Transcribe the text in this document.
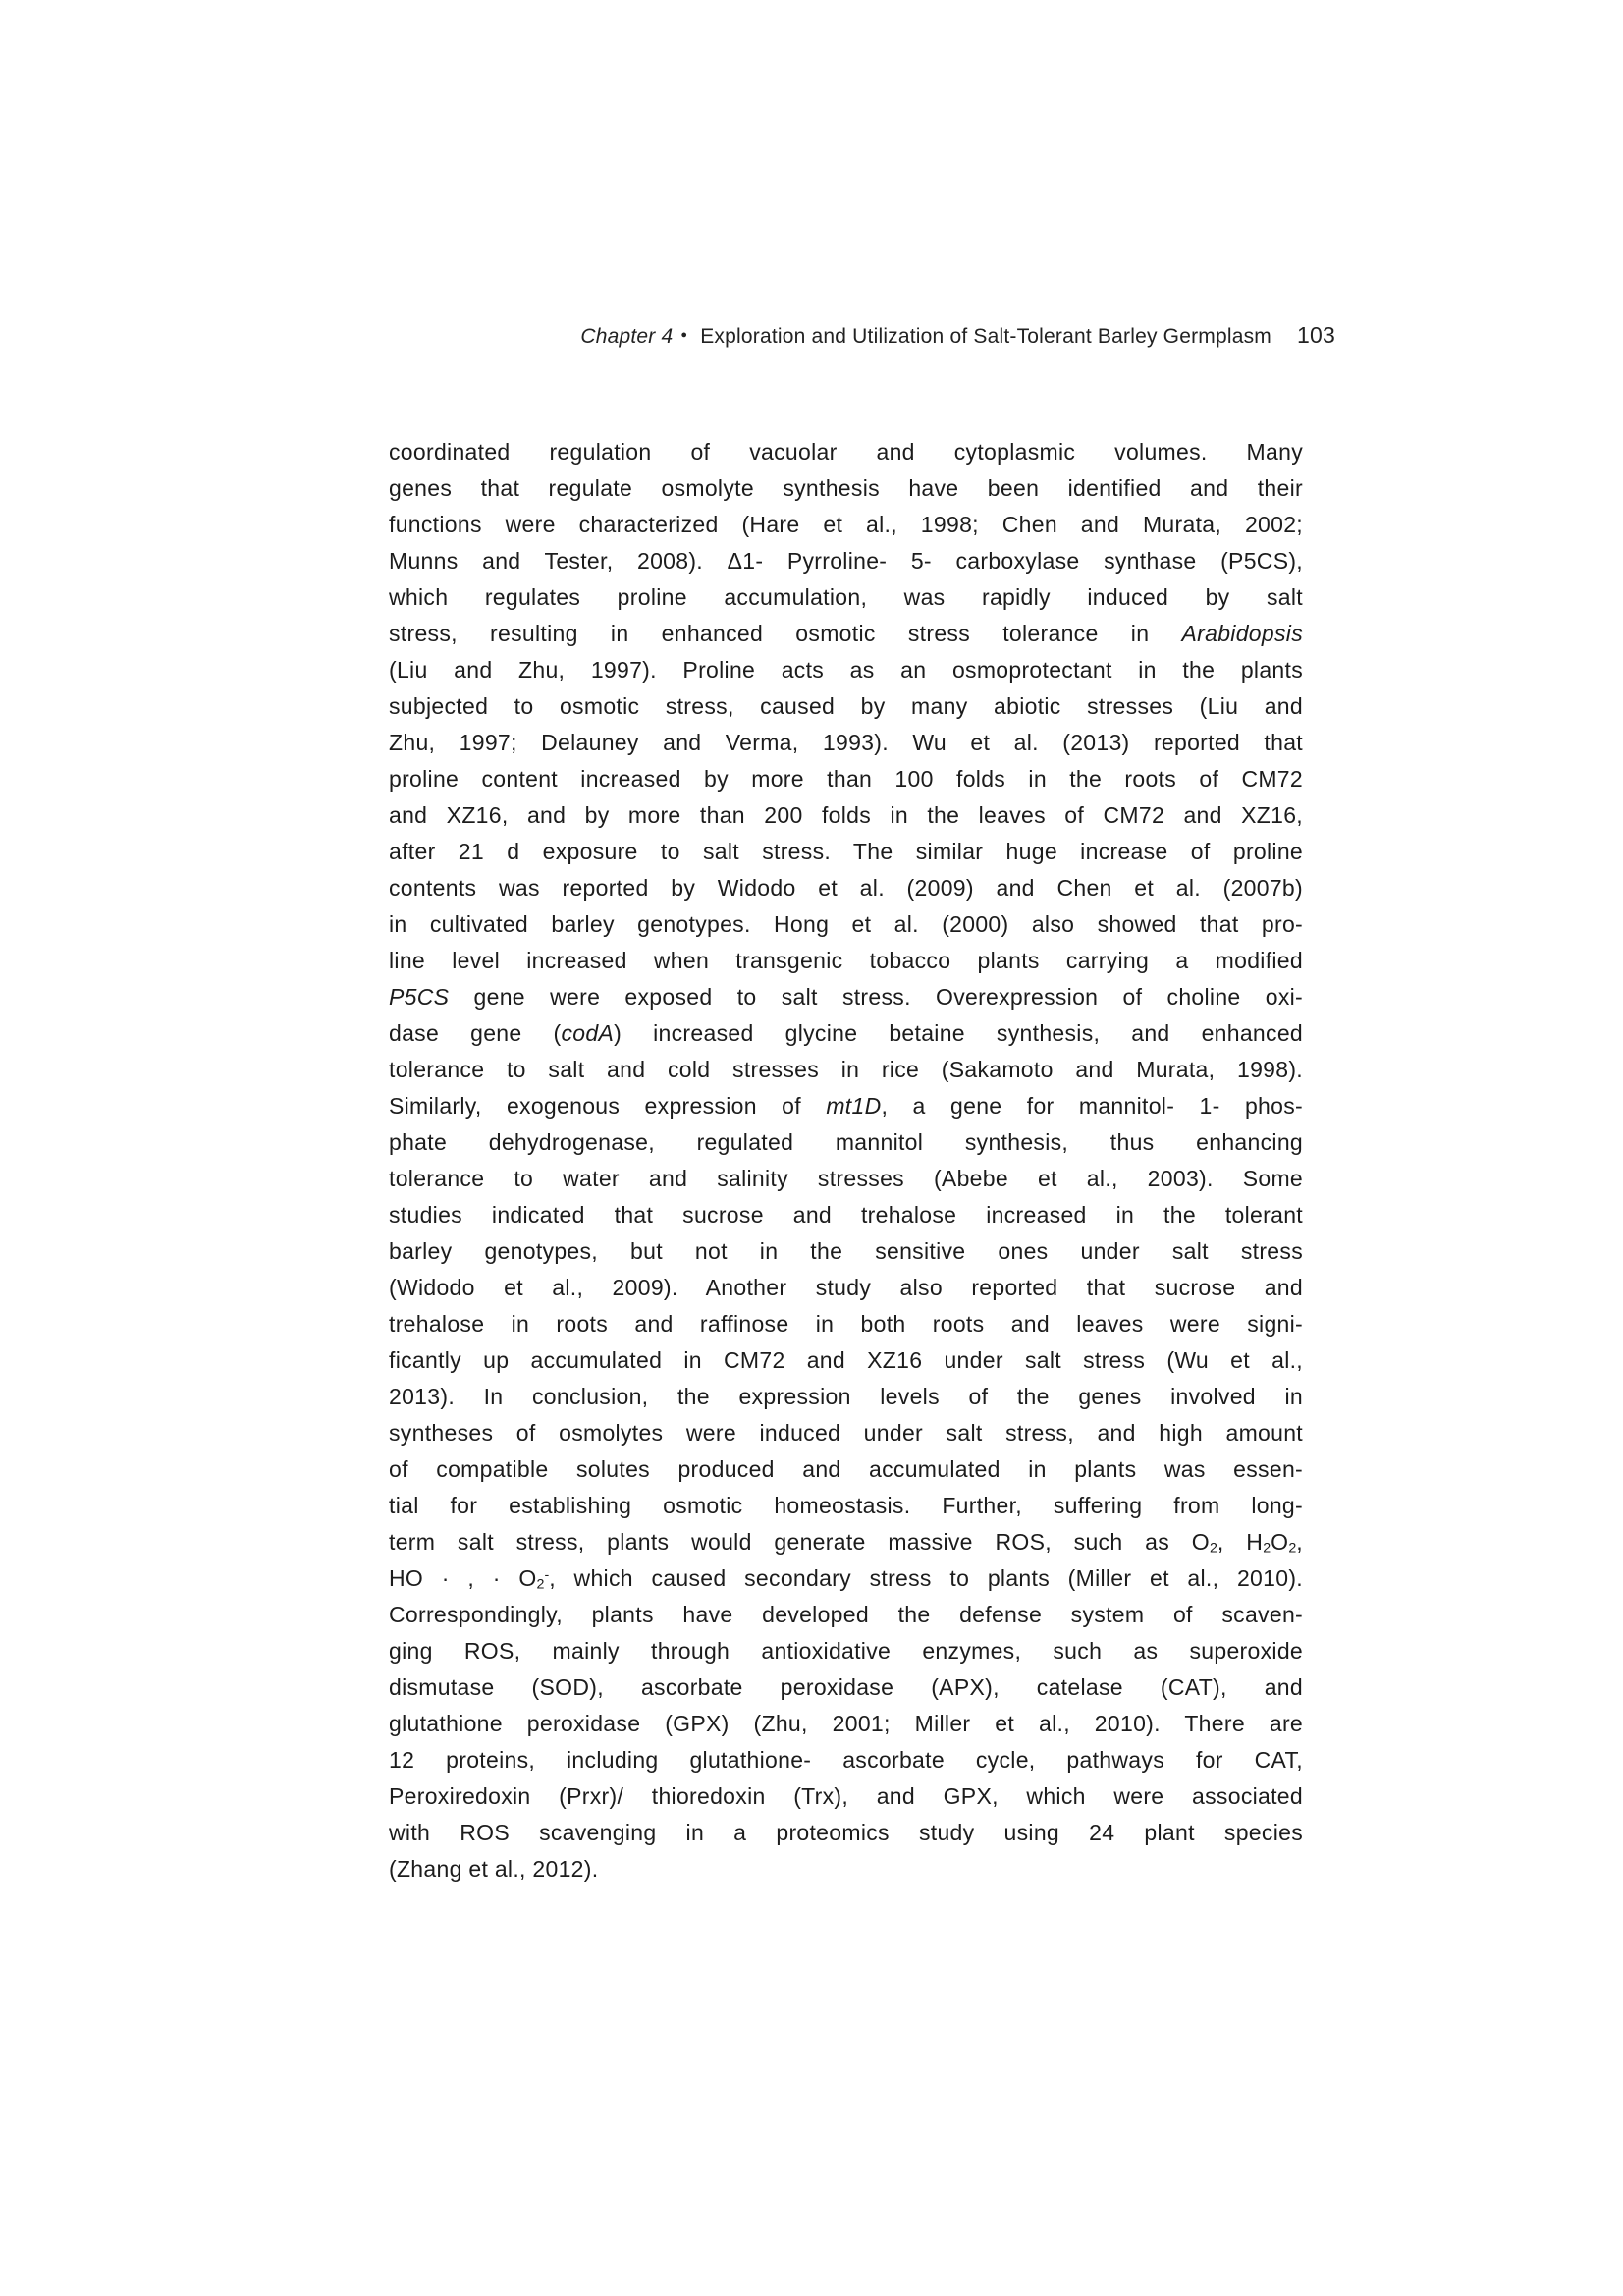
Chapter 4 ● Exploration and Utilization of Salt-Tolerant Barley Germplasm 103
coordinated regulation of vacuolar and cytoplasmic volumes. Many
genes that regulate osmolyte synthesis have been identified and their
functions were characterized (Hare et al., 1998; Chen and Murata, 2002;
Munns and Tester, 2008). Δ1- Pyrroline- 5- carboxylase synthase (P5CS),
which regulates proline accumulation, was rapidly induced by salt
stress, resulting in enhanced osmotic stress tolerance in Arabidopsis
(Liu and Zhu, 1997). Proline acts as an osmoprotectant in the plants
subjected to osmotic stress, caused by many abiotic stresses (Liu and
Zhu, 1997; Delauney and Verma, 1993). Wu et al. (2013) reported that
proline content increased by more than 100 folds in the roots of CM72
and XZ16, and by more than 200 folds in the leaves of CM72 and XZ16,
after 21 d exposure to salt stress. The similar huge increase of proline
contents was reported by Widodo et al. (2009) and Chen et al. (2007b)
in cultivated barley genotypes. Hong et al. (2000) also showed that pro-
line level increased when transgenic tobacco plants carrying a modified
P5CS gene were exposed to salt stress. Overexpression of choline oxi-
dase gene (codA) increased glycine betaine synthesis, and enhanced
tolerance to salt and cold stresses in rice (Sakamoto and Murata, 1998).
Similarly, exogenous expression of mt1D, a gene for mannitol- 1- phos-
phate dehydrogenase, regulated mannitol synthesis, thus enhancing
tolerance to water and salinity stresses (Abebe et al., 2003). Some
studies indicated that sucrose and trehalose increased in the tolerant
barley genotypes, but not in the sensitive ones under salt stress
(Widodo et al., 2009). Another study also reported that sucrose and
trehalose in roots and raffinose in both roots and leaves were signi-
ficantly up accumulated in CM72 and XZ16 under salt stress (Wu et al.,
2013). In conclusion, the expression levels of the genes involved in
syntheses of osmolytes were induced under salt stress, and high amount
of compatible solutes produced and accumulated in plants was essen-
tial for establishing osmotic homeostasis. Further, suffering from long-
term salt stress, plants would generate massive ROS, such as O2, H2O2,
HO · , · O2-, which caused secondary stress to plants (Miller et al., 2010).
Correspondingly, plants have developed the defense system of scaven-
ging ROS, mainly through antioxidative enzymes, such as superoxide
dismutase (SOD), ascorbate peroxidase (APX), catelase (CAT), and
glutathione peroxidase (GPX) (Zhu, 2001; Miller et al., 2010). There are
12 proteins, including glutathione- ascorbate cycle, pathways for CAT,
Peroxiredoxin (Prxr)/ thioredoxin (Trx), and GPX, which were associated
with ROS scavenging in a proteomics study using 24 plant species
(Zhang et al., 2012).
